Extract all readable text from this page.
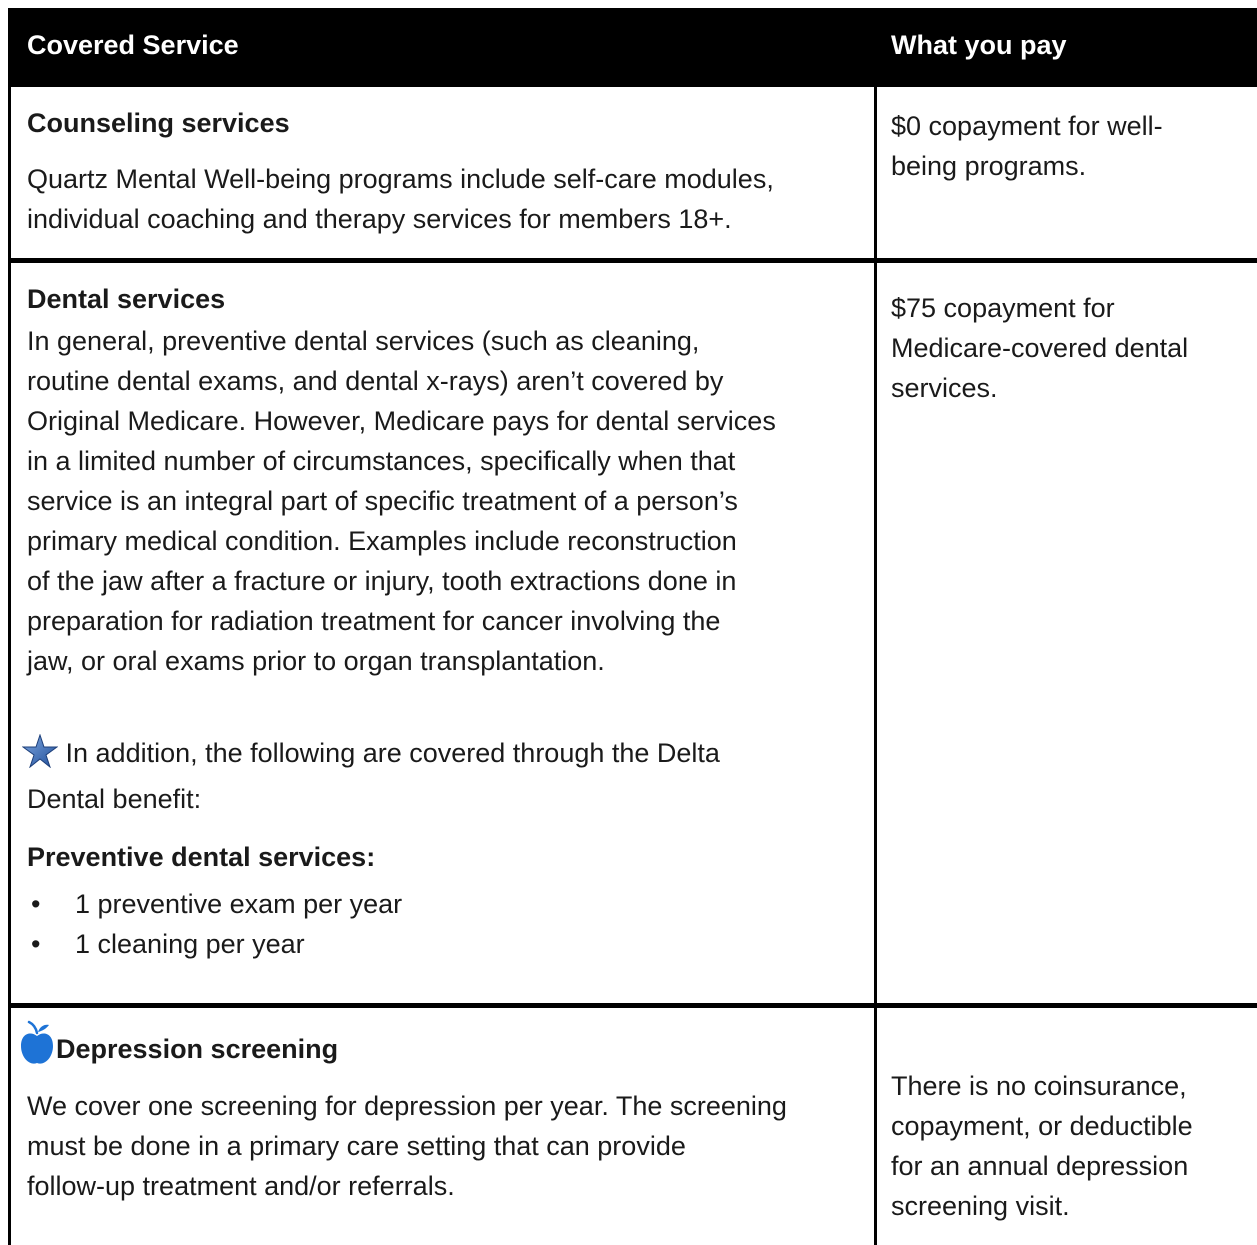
Covered Service	What you pay
Counseling services
Quartz Mental Well-being programs include self-care modules,
individual coaching and therapy services for members 18+.
$0 copayment for well-
being programs.
Dental services
In general, preventive dental services (such as cleaning,
routine dental exams, and dental x-rays) aren’t covered by
Original Medicare. However, Medicare pays for dental services
in a limited number of circumstances, specifically when that
service is an integral part of specific treatment of a person’s
primary medical condition. Examples include reconstruction
of the jaw after a fracture or injury, tooth extractions done in
preparation for radiation treatment for cancer involving the
jaw, or oral exams prior to organ transplantation.
In addition, the following are covered through the Delta
Dental benefit:
Preventive dental services:
• 1 preventive exam per year
• 1 cleaning per year
$75 copayment for
Medicare-covered dental
services.
Depression screening
We cover one screening for depression per year. The screening
must be done in a primary care setting that can provide
follow-up treatment and/or referrals.
There is no coinsurance,
copayment, or deductible
for an annual depression
screening visit.
